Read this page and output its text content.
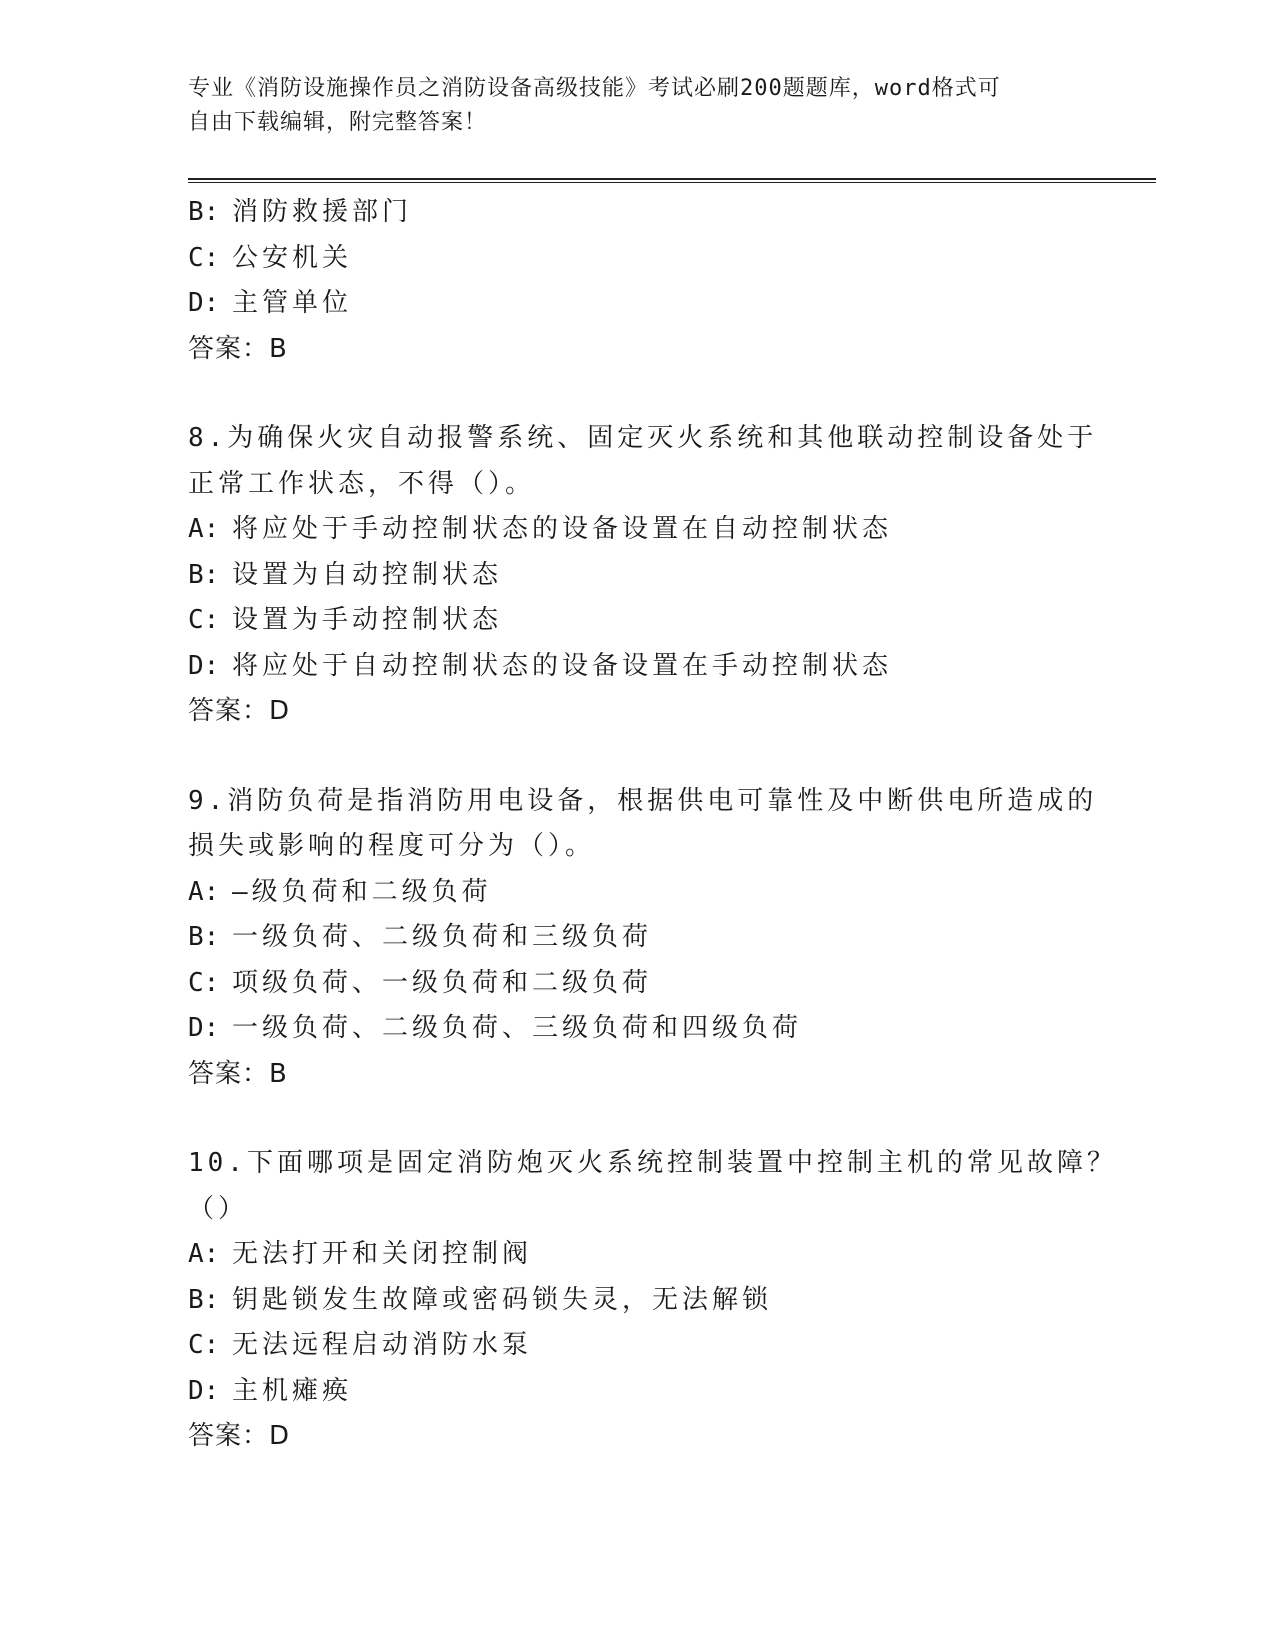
专业《消防设施操作员之消防设备高级技能》考试必刷200题题库，word格式可
自由下载编辑，附完整答案！
B: 消防救援部门
C: 公安机关
D: 主管单位
答案：B
8.为确保火灾自动报警系统、固定灭火系统和其他联动控制设备处于
正常工作状态，不得（）。
A: 将应处于手动控制状态的设备设置在自动控制状态
B: 设置为自动控制状态
C: 设置为手动控制状态
D: 将应处于自动控制状态的设备设置在手动控制状态
答案：D
9.消防负荷是指消防用电设备，根据供电可靠性及中断供电所造成的
损失或影响的程度可分为（）。
A: —级负荷和二级负荷
B: 一级负荷、二级负荷和三级负荷
C: 项级负荷、一级负荷和二级负荷
D: 一级负荷、二级负荷、三级负荷和四级负荷
答案：B
10.下面哪项是固定消防炮灭火系统控制装置中控制主机的常见故障？
（）
A: 无法打开和关闭控制阀
B: 钥匙锁发生故障或密码锁失灵，无法解锁
C: 无法远程启动消防水泵
D: 主机瘫痪
答案：D
